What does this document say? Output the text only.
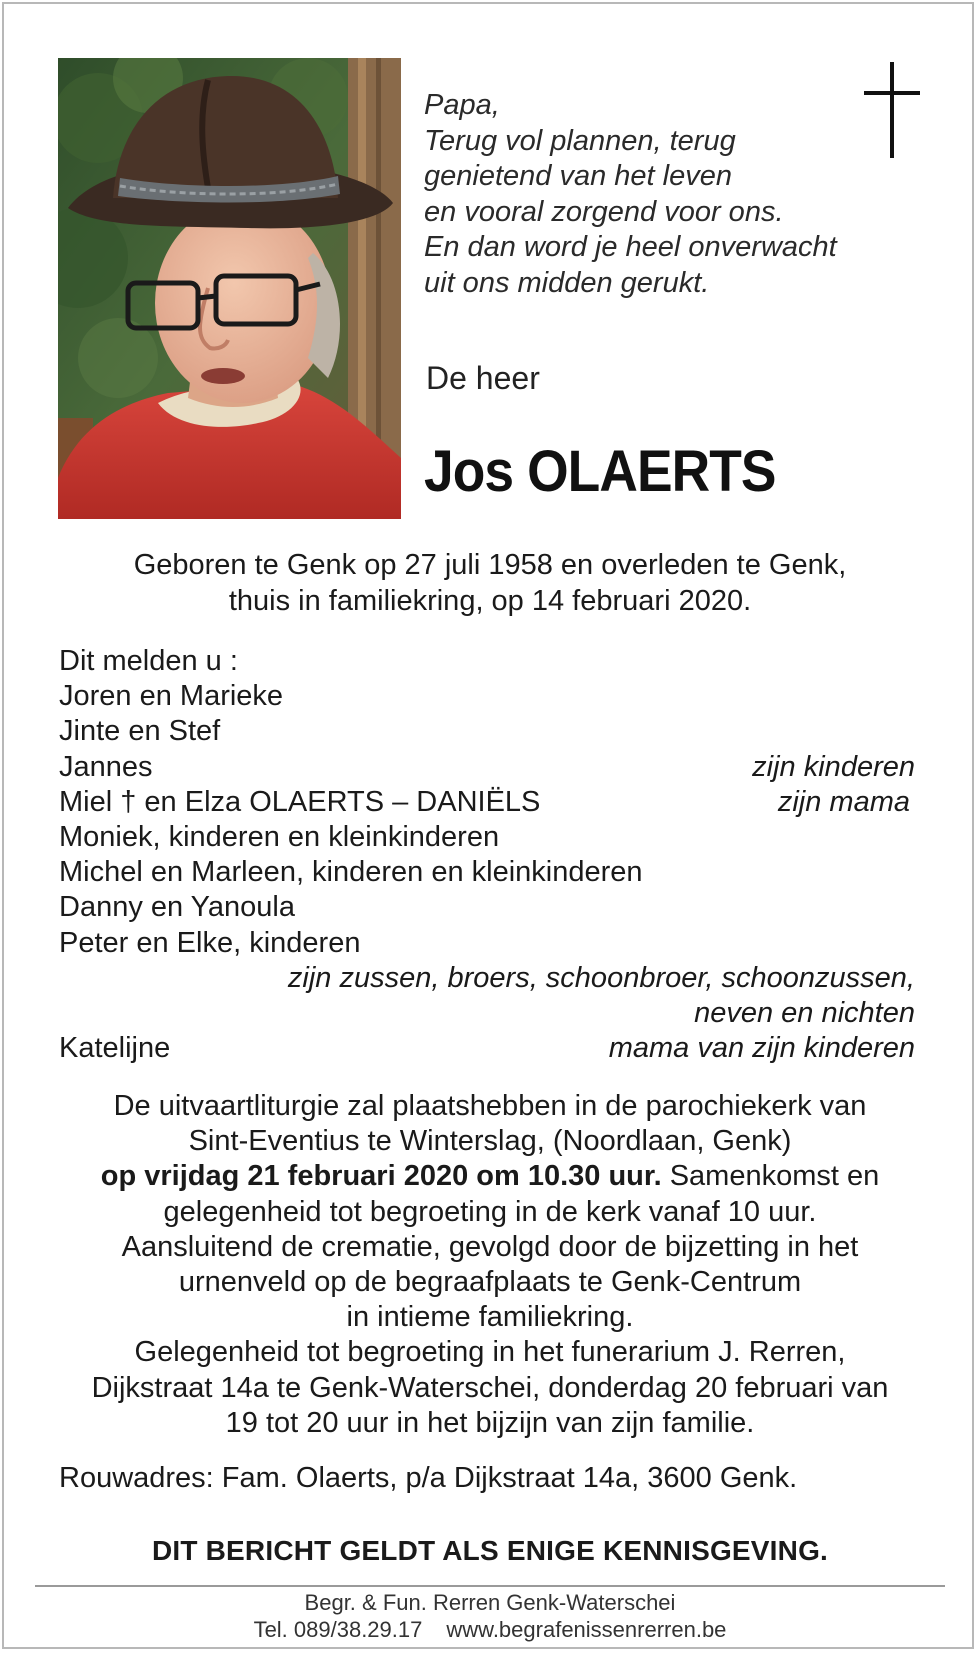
Papa,
Terug vol plannen, terug
genietend van het leven
en vooral zorgend voor ons.
En dan word je heel onverwacht
uit ons midden gerukt.
De heer
Jos OLAERTS
Geboren te Genk op 27 juli 1958 en overleden te Genk,
thuis in familiekring, op 14 februari 2020.
Dit melden u :
Joren en Marieke
Jinte en Stef
Jannes	zijn kinderen
Miel † en Elza OLAERTS – DANIËLS	zijn mama
Moniek, kinderen en kleinkinderen
Michel en Marleen, kinderen en kleinkinderen
Danny en Yanoula
Peter en Elke, kinderen
zijn zussen, broers, schoonbroer, schoonzussen,
neven en nichten
Katelijne	mama van zijn kinderen
De uitvaartliturgie zal plaatshebben in de parochiekerk van
Sint-Eventius te Winterslag, (Noordlaan, Genk)
op vrijdag 21 februari 2020 om 10.30 uur. Samenkomst en
gelegenheid tot begroeting in de kerk vanaf 10 uur.
Aansluitend de crematie, gevolgd door de bijzetting in het
urnenveld op de begraafplaats te Genk-Centrum
in intieme familiekring.
Gelegenheid tot begroeting in het funerarium J. Rerren,
Dijkstraat 14a te Genk-Waterschei, donderdag 20 februari van
19 tot 20 uur in het bijzijn van zijn familie.
Rouwadres: Fam. Olaerts, p/a Dijkstraat 14a, 3600 Genk.
DIT BERICHT GELDT ALS ENIGE KENNISGEVING.
Begr. & Fun. Rerren Genk-Waterschei
Tel. 089/38.29.17 www.begrafenissenrerren.be
